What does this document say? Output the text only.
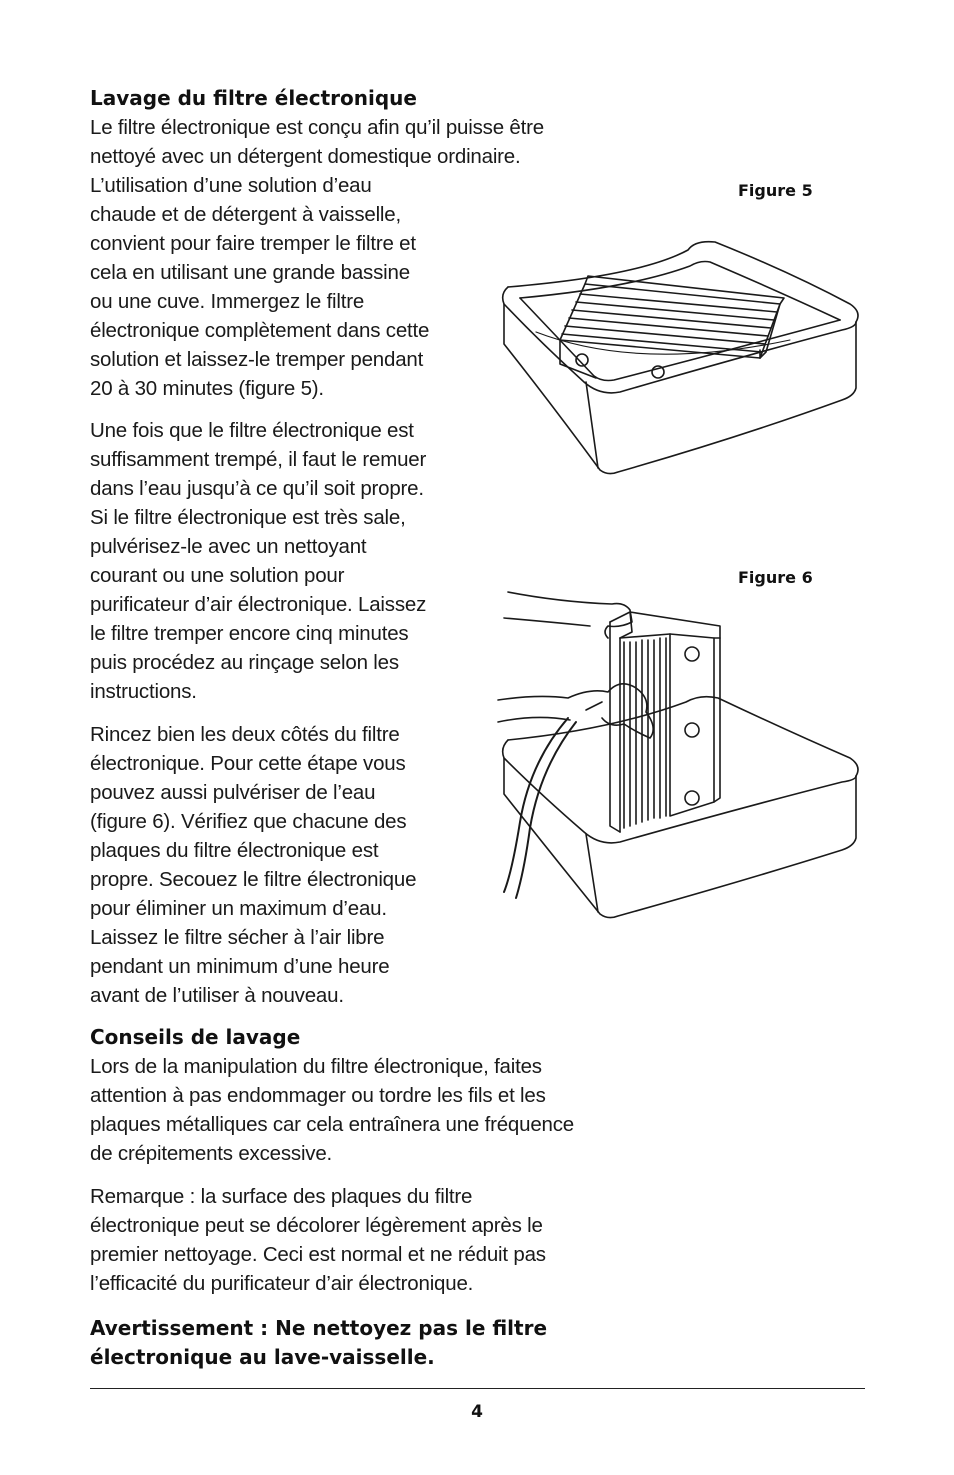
Lavage du filtre électronique
Le filtre électronique est conçu afin qu’il puisse être
nettoyé avec un détergent domestique ordinaire.
L’utilisation d’une solution d’eau
chaude et de détergent à vaisselle,
convient pour faire tremper le filtre et
cela en utilisant une grande bassine
ou une cuve. Immergez le filtre
électronique complètement dans cette
solution et laissez-le tremper pendant
20 à 30 minutes (figure 5).
Une fois que le filtre électronique est
suffisamment trempé, il faut le remuer
dans l’eau jusqu’à ce qu’il soit propre.
Si le filtre électronique est très sale,
pulvérisez-le avec un nettoyant
courant ou une solution pour
purificateur d’air électronique. Laissez
le filtre tremper encore cinq minutes
puis procédez au rinçage selon les
instructions.
Rincez bien les deux côtés du filtre
électronique. Pour cette étape vous
pouvez aussi pulvériser de l’eau
(figure 6). Vérifiez que chacune des
plaques du filtre électronique est
propre. Secouez le filtre électronique
pour éliminer un maximum d’eau.
Laissez le filtre sécher à l’air libre
pendant un minimum d’une heure
avant de l’utiliser à nouveau.
Conseils de lavage
Lors de la manipulation du filtre électronique, faites
attention à pas endommager ou tordre les fils et les
plaques métalliques car cela entraînera une fréquence
de crépitements excessive.
Remarque : la surface des plaques du filtre
électronique peut se décolorer légèrement après le
premier nettoyage. Ceci est normal et ne réduit pas
l’efficacité du purificateur d’air électronique.
Avertissement : Ne nettoyez pas le filtre
électronique au lave-vaisselle.
Figure 5
Figure 6
4
